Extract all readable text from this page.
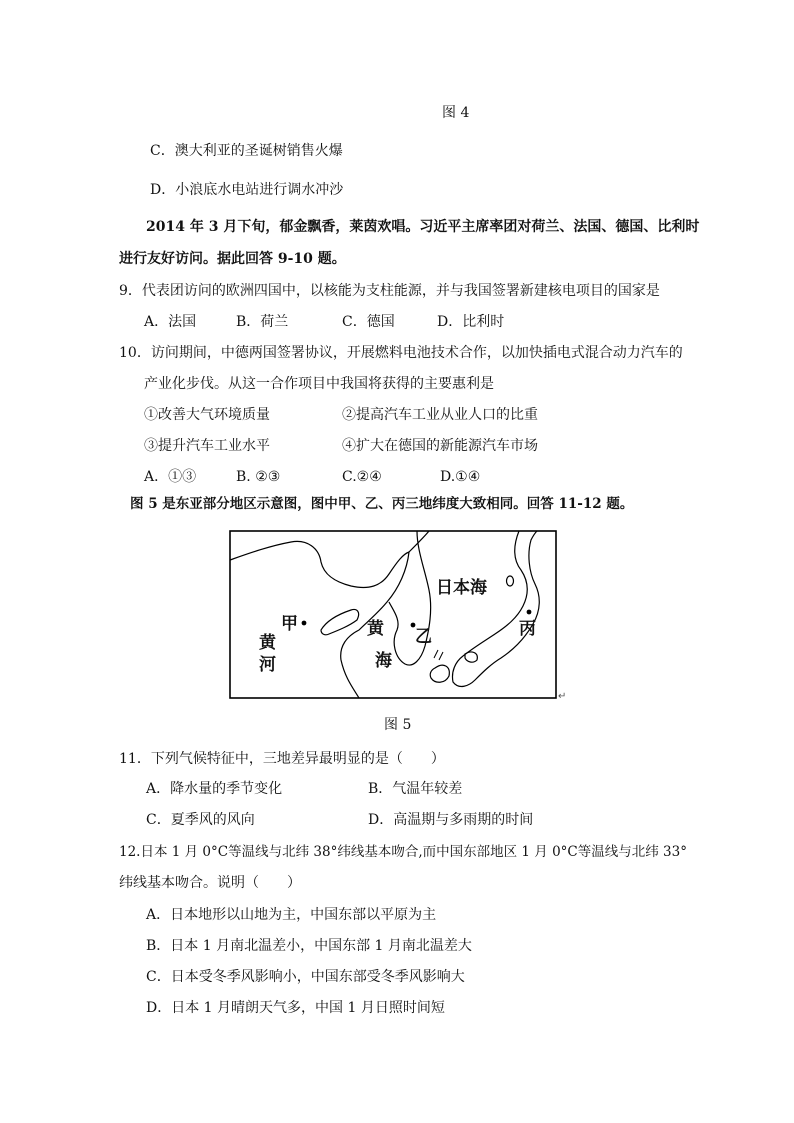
图 4
C．澳大利亚的圣诞树销售火爆
D．小浪底水电站进行调水冲沙
2014 年 3 月下旬，郁金飘香，莱茵欢唱。习近平主席率团对荷兰、法国、德国、比利时
进行友好访问。据此回答 9-10 题。
9．代表团访问的欧洲四国中，以核能为支柱能源，并与我国签署新建核电项目的国家是
A．法国	B．荷兰	C．德国	D．比利时
10．访问期间，中德两国签署协议，开展燃料电池技术合作，以加快插电式混合动力汽车的
产业化步伐。从这一合作项目中我国将获得的主要惠利是
①改善大气环境质量	②提高汽车工业从业人口的比重
③提升汽车工业水平	④扩大在德国的新能源汽车市场
A．①③	B. ②③	C.②④	D.①④
图 5 是东亚部分地区示意图，图中甲、乙、丙三地纬度大致相同。回答 11-12 题。
甲
乙	丙
日本海
黄
河
黄
海
↵
图 5
11．下列气候特征中，三地差异最明显的是（　　）
A．降水量的季节变化	B．气温年较差
C．夏季风的风向	D．高温期与多雨期的时间
12.日本 1 月 0°C等温线与北纬 38°纬线基本吻合,而中国东部地区 1 月 0°C等温线与北纬 33°
纬线基本吻合。说明（　　）
A．日本地形以山地为主，中国东部以平原为主
B．日本 1 月南北温差小，中国东部 1 月南北温差大
C．日本受冬季风影响小，中国东部受冬季风影响大
D．日本 1 月晴朗天气多，中国 1 月日照时间短
